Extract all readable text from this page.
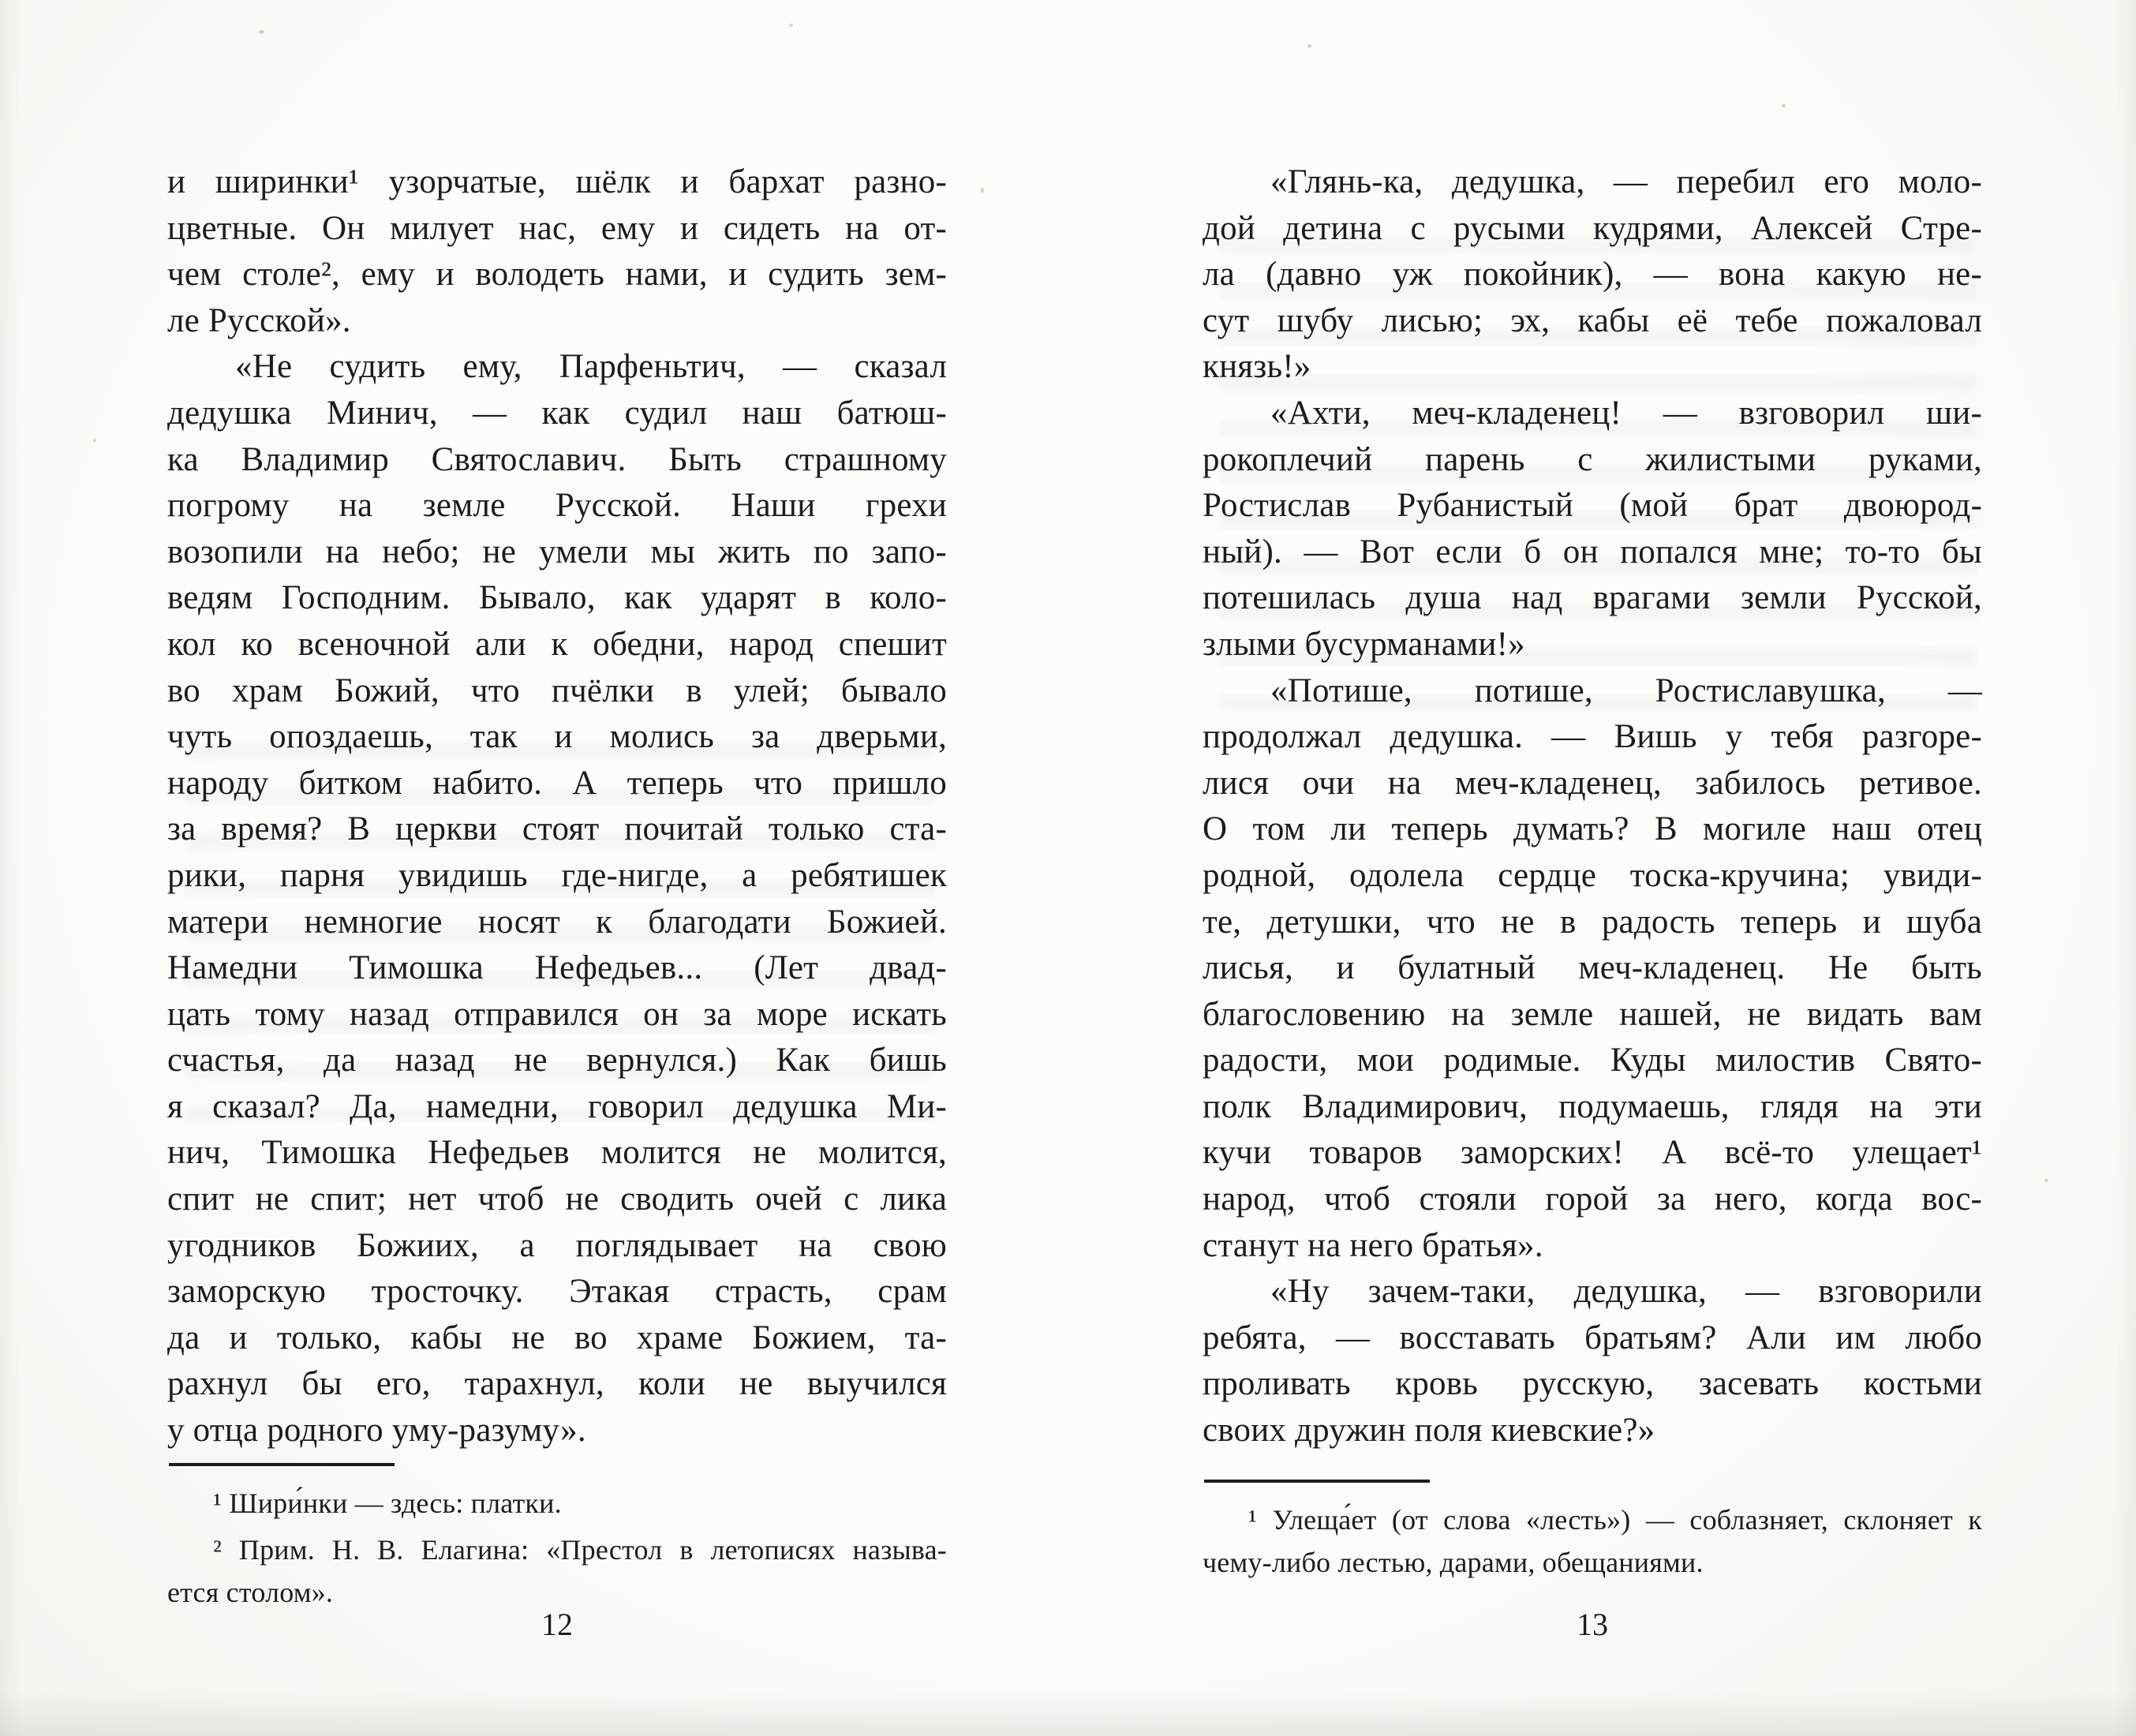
и ширинки¹ узорчатые, шёлк и бархат разно-
цветные. Он милует нас, ему и сидеть на от-
чем столе², ему и володеть нами, и судить зем-
ле Русской».
«Не судить ему, Парфеньтич, — сказал
дедушка Минич, — как судил наш батюш-
ка Владимир Святославич. Быть страшному
погрому на земле Русской. Наши грехи
возопили на небо; не умели мы жить по запо-
ведям Господним. Бывало, как ударят в коло-
кол ко всеночной али к обедни, народ спешит
во храм Божий, что пчёлки в улей; бывало
чуть опоздаешь, так и молись за дверьми,
народу битком набито. А теперь что пришло
за время? В церкви стоят почитай только ста-
рики, парня увидишь где-нигде, а ребятишек
матери немногие носят к благодати Божией.
Намедни Тимошка Нефедьев... (Лет двад-
цать тому назад отправился он за море искать
счастья, да назад не вернулся.) Как бишь
я сказал? Да, намедни, говорил дедушка Ми-
нич, Тимошка Нефедьев молится не молится,
спит не спит; нет чтоб не сводить очей с лика
угодников Божиих, а поглядывает на свою
заморскую тросточку. Этакая страсть, срам
да и только, кабы не во храме Божием, та-
рахнул бы его, тарахнул, коли не выучился
у отца родного уму-разуму».
¹ Шири́нки — здесь: платки.
² Прим. Н. В. Елагина: «Престол в летописях называ-
ется столом».
12
«Глянь-ка, дедушка, — перебил его моло-
дой детина с русыми кудрями, Алексей Стре-
ла (давно уж покойник), — вона какую не-
сут шубу лисью; эх, кабы её тебе пожаловал
князь!»
«Ахти, меч-кладенец! — взговорил ши-
рокоплечий парень с жилистыми руками,
Ростислав Рубанистый (мой брат двоюрод-
ный). — Вот если б он попался мне; то-то бы
потешилась душа над врагами земли Русской,
злыми бусурманами!»
«Потише, потише, Ростиславушка, —
продолжал дедушка. — Вишь у тебя разгоре-
лися очи на меч-кладенец, забилось ретивое.
О том ли теперь думать? В могиле наш отец
родной, одолела сердце тоска-кручина; увиди-
те, детушки, что не в радость теперь и шуба
лисья, и булатный меч-кладенец. Не быть
благословению на земле нашей, не видать вам
радости, мои родимые. Куды милостив Свято-
полк Владимирович, подумаешь, глядя на эти
кучи товаров заморских! А всё-то улещает¹
народ, чтоб стояли горой за него, когда вос-
станут на него братья».
«Ну зачем-таки, дедушка, — взговорили
ребята, — восставать братьям? Али им любо
проливать кровь русскую, засевать костьми
своих дружин поля киевские?»
¹ Улеща́ет (от слова «лесть») — соблазняет, склоняет к
чему-либо лестью, дарами, обещаниями.
13
